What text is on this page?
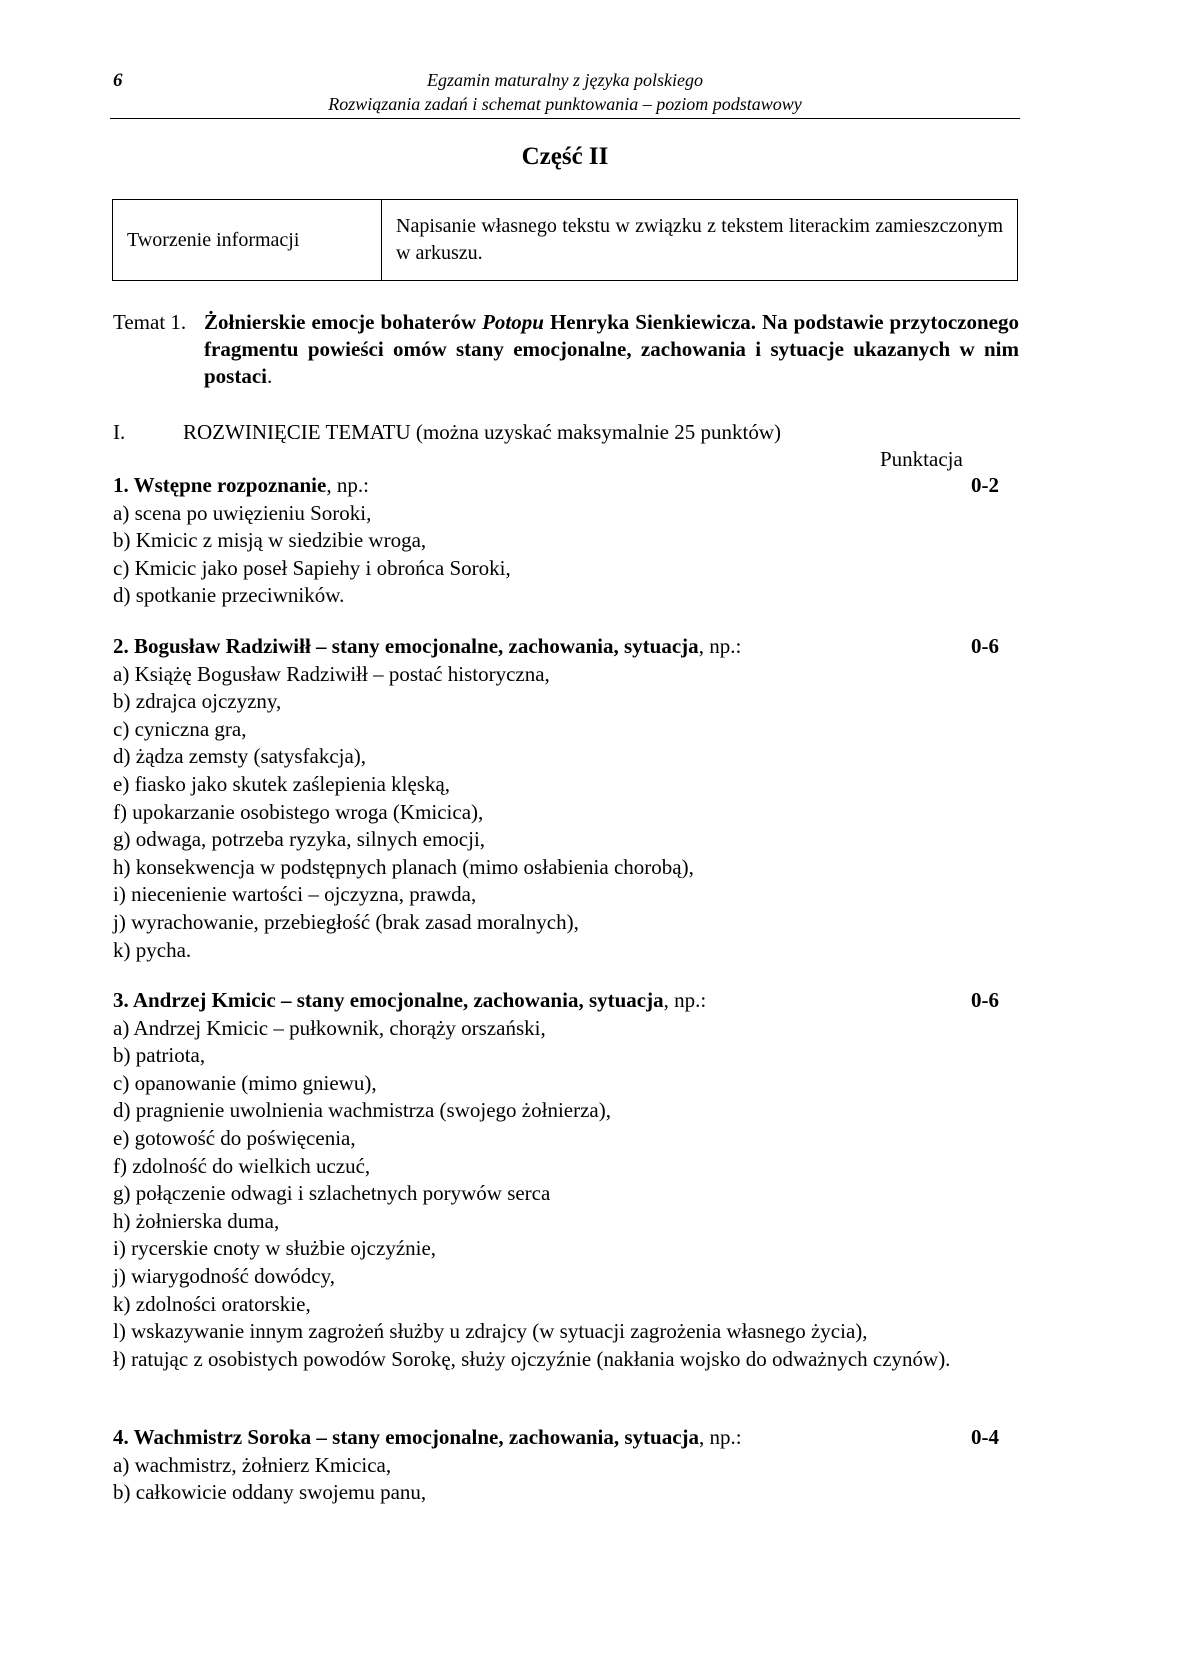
6	Egzamin maturalny z języka polskiego
Rozwiązania zadań i schemat punktowania – poziom podstawowy
Część II
Tworzenie informacji	Napisanie własnego tekstu w związku z tekstem literackim zamieszczonym w arkuszu.
Temat 1. Żołnierskie emocje bohaterów Potopu Henryka Sienkiewicza. Na podstawie przytoczonego fragmentu powieści omów stany emocjonalne, zachowania i sytuacje ukazanych w nim postaci.
I.	ROZWINIĘCIE TEMATU (można uzyskać maksymalnie 25 punktów)
Punktacja
1. Wstępne rozpoznanie, np.:	0-2
a) scena po uwięzieniu Soroki,
b) Kmicic z misją w siedzibie wroga,
c) Kmicic jako poseł Sapiehy i obrońca Soroki,
d) spotkanie przeciwników.
2. Bogusław Radziwiłł – stany emocjonalne, zachowania, sytuacja, np.:	0-6
a) Książę Bogusław Radziwiłł – postać historyczna,
b) zdrajca ojczyzny,
c) cyniczna gra,
d) żądza zemsty (satysfakcja),
e) fiasko jako skutek zaślepienia klęską,
f) upokarzanie osobistego wroga (Kmicica),
g) odwaga, potrzeba ryzyka, silnych emocji,
h) konsekwencja w podstępnych planach (mimo osłabienia chorobą),
i) niecenienie wartości – ojczyzna, prawda,
j) wyrachowanie, przebiegłość (brak zasad moralnych),
k) pycha.
3. Andrzej Kmicic – stany emocjonalne, zachowania, sytuacja, np.:	0-6
a) Andrzej Kmicic – pułkownik, chorąży orszański,
b) patriota,
c) opanowanie (mimo gniewu),
d) pragnienie uwolnienia wachmistrza (swojego żołnierza),
e) gotowość do poświęcenia,
f) zdolność do wielkich uczuć,
g) połączenie odwagi i szlachetnych porywów serca
h) żołnierska duma,
i) rycerskie cnoty w służbie ojczyźnie,
j) wiarygodność dowódcy,
k) zdolności oratorskie,
l) wskazywanie innym zagrożeń służby u zdrajcy (w sytuacji zagrożenia własnego życia),
ł) ratując z osobistych powodów Sorokę, służy ojczyźnie (nakłania wojsko do odważnych czynów).
4. Wachmistrz Soroka – stany emocjonalne, zachowania, sytuacja, np.:	0-4
a) wachmistrz, żołnierz Kmicica,
b) całkowicie oddany swojemu panu,
